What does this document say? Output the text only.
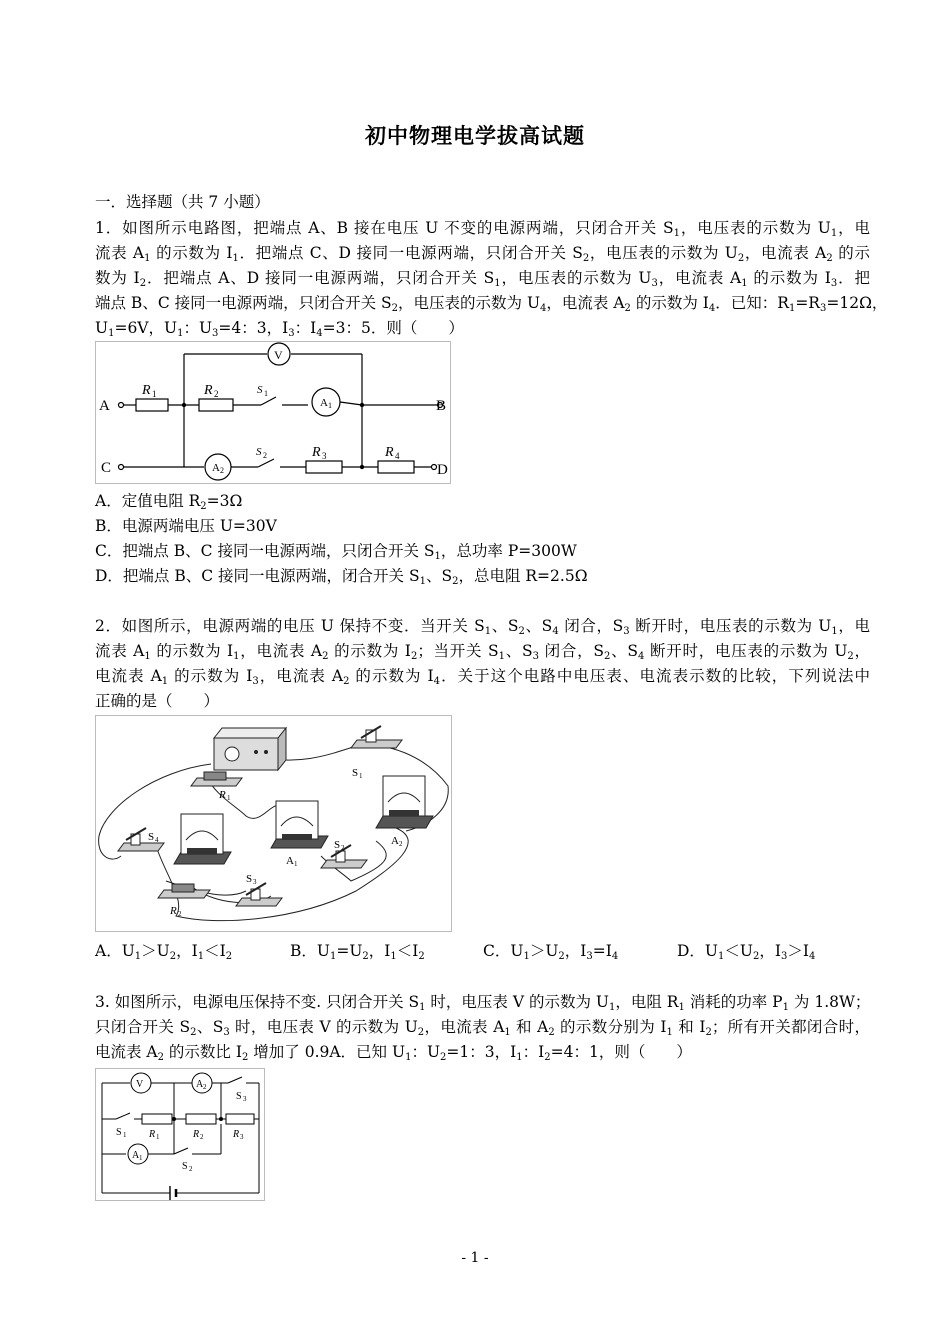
初中物理电学拔高试题
一．选择题（共 7 小题）
1．如图所示电路图，把端点 A、B 接在电压 U 不变的电源两端，只闭合开关 $S_1$，电压表的示数为 $U_1$，电
流表 $A_1$ 的示数为 $I_1$．把端点 C、D 接同一电源两端，只闭合开关 $S_2$，电压表的示数为 $U_2$，电流表 $A_2$ 的示
数为 $I_2$．把端点 A、D 接同一电源两端，只闭合开关 $S_1$，电压表的示数为 $U_3$，电流表 $A_1$ 的示数为 $I_3$．把
端点 B、C 接同一电源两端，只闭合开关 $S_2$，电压表的示数为 $U_4$，电流表 $A_2$ 的示数为 $I_4$．已知：$R_1=R_3=12\Omega$，
$U_1=6V$，$U_1$：$U_3=4$：3，$I_3$：$I_4=3$：5．则（　　）
A	B
C	D
V
R 1	R 2	S 1
A 1
A 2
S 2	R 3	R 4
A．定值电阻 $R_2=3\Omega$
B．电源两端电压 U=30V
C．把端点 B、C 接同一电源两端，只闭合开关 $S_1$，总功率 P=300W
D．把端点 B、C 接同一电源两端，闭合开关 $S_1$、$S_2$，总电阻 R=2.5Ω
2．如图所示，电源两端的电压 U 保持不变．当开关 $S_1$、$S_2$、$S_4$ 闭合，$S_3$ 断开时，电压表的示数为 $U_1$，电
流表 $A_1$ 的示数为 $I_1$，电流表 $A_2$ 的示数为 $I_2$；当开关 $S_1$、$S_3$ 闭合，$S_2$、$S_4$ 断开时，电压表的示数为 $U_2$，
电流表 $A_1$ 的示数为 $I_3$，电流表 $A_2$ 的示数为 $I_4$．关于这个电路中电压表、电流表示数的比较，下列说法中
正确的是（　　）
S 1
R 1
S 4
A 1
S 2
A 2
S 3
R 2
A．$U_1>U_2$，$I_1<I_2$	B．$U_1=U_2$，$I_1<I_2$	C．$U_1>U_2$，$I_3=I_4$	D．$U_1<U_2$，$I_3>I_4$
3. 如图所示，电源电压保持不变. 只闭合开关 $S_1$ 时，电压表 V 的示数为 $U_1$，电阻 $R_1$ 消耗的功率 $P_1$ 为 1.8W；
只闭合开关 $S_2$、$S_3$ 时，电压表 V 的示数为 $U_2$，电流表 $A_1$ 和 $A_2$ 的示数分别为 $I_1$ 和 $I_2$；所有开关都闭合时，
电流表 $A_2$ 的示数比 $I_2$ 增加了 0.9A．已知 $U_1$：$U_2=1$：3，$I_1$：$I_2=4$：1，则（　　）
V	A 2
S 3
S 1 R 1	R 2	R 3
A 1
S 2
- 1 -
